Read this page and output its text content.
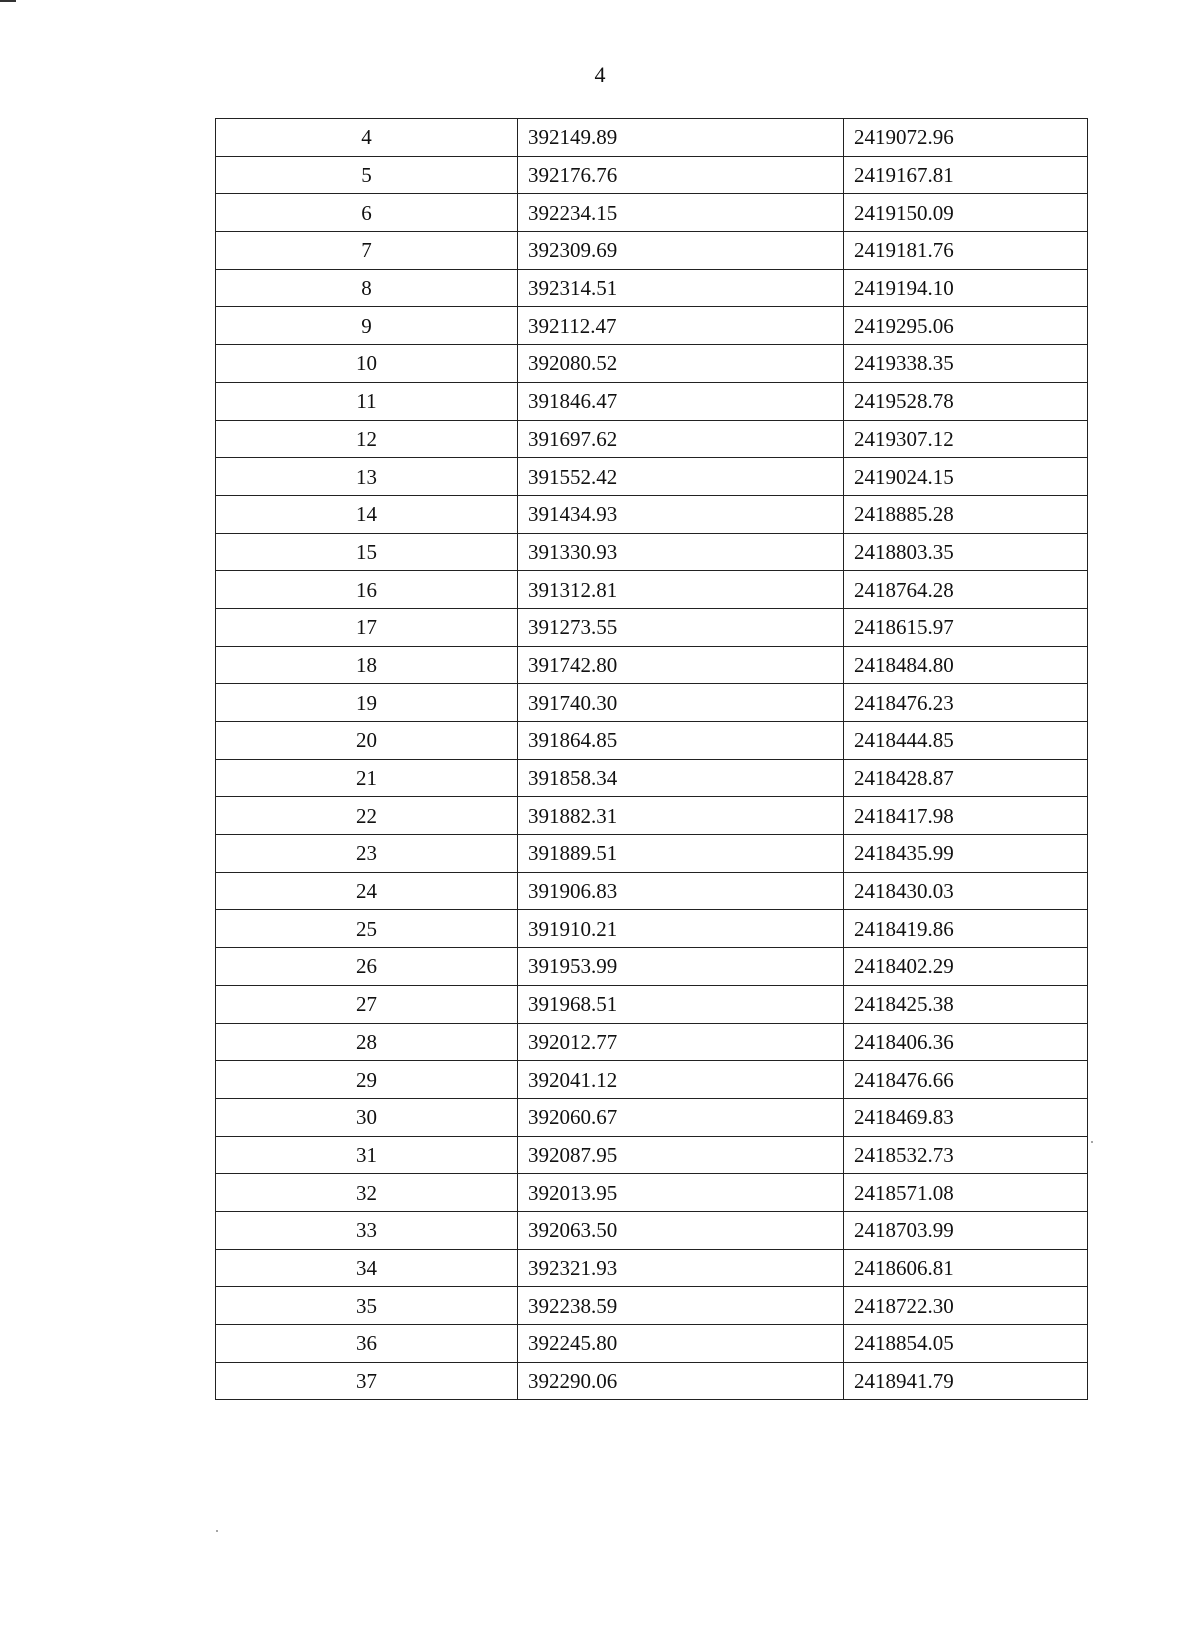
4
4	392149.89	2419072.96
5	392176.76	2419167.81
6	392234.15	2419150.09
7	392309.69	2419181.76
8	392314.51	2419194.10
9	392112.47	2419295.06
10	392080.52	2419338.35
11	391846.47	2419528.78
12	391697.62	2419307.12
13	391552.42	2419024.15
14	391434.93	2418885.28
15	391330.93	2418803.35
16	391312.81	2418764.28
17	391273.55	2418615.97
18	391742.80	2418484.80
19	391740.30	2418476.23
20	391864.85	2418444.85
21	391858.34	2418428.87
22	391882.31	2418417.98
23	391889.51	2418435.99
24	391906.83	2418430.03
25	391910.21	2418419.86
26	391953.99	2418402.29
27	391968.51	2418425.38
28	392012.77	2418406.36
29	392041.12	2418476.66
30	392060.67	2418469.83
31	392087.95	2418532.73
32	392013.95	2418571.08
33	392063.50	2418703.99
34	392321.93	2418606.81
35	392238.59	2418722.30
36	392245.80	2418854.05
37	392290.06	2418941.79
